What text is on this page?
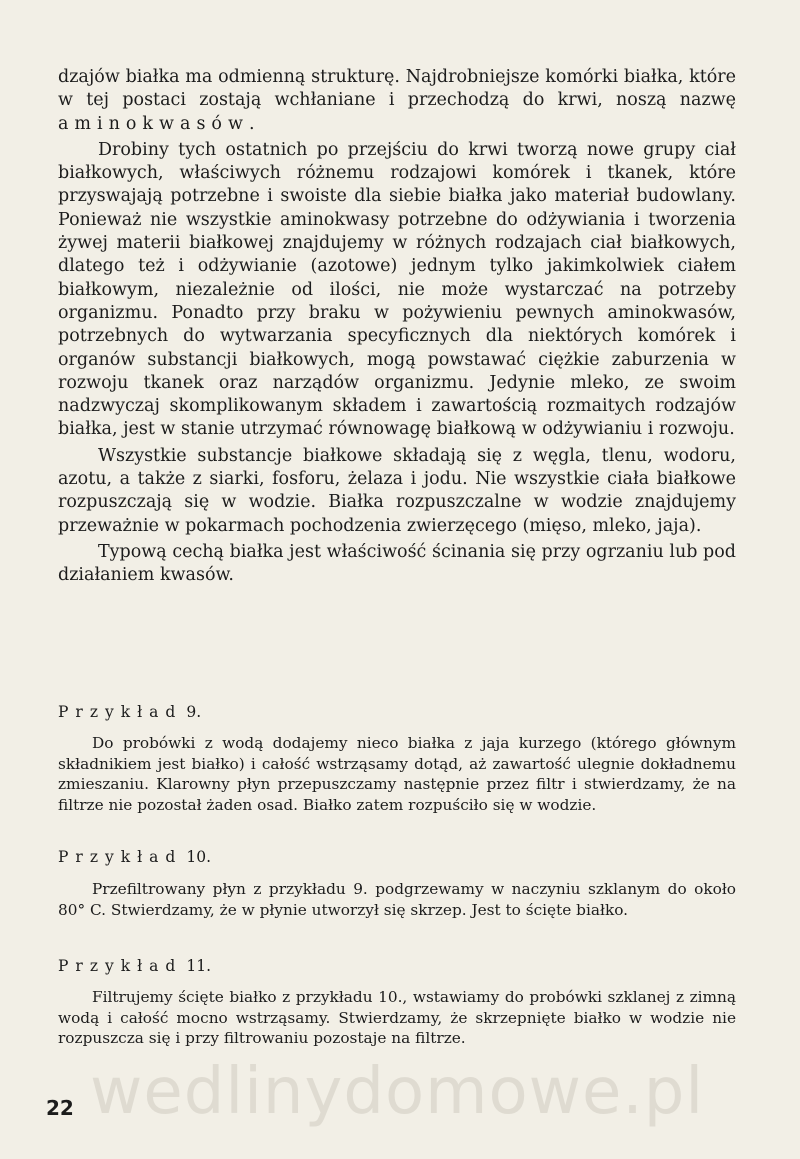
dzajów białka ma odmienną strukturę. Najdrobniejsze komórki białka, które w tej postaci zostają wchłaniane i przechodzą do krwi, noszą nazwę aminokwasów.

Drobiny tych ostatnich po przejściu do krwi tworzą nowe grupy ciał białkowych, właściwych różnemu rodzajowi komórek i tkanek, które przyswajają potrzebne i swoiste dla siebie białka jako materiał budowlany. Ponieważ nie wszystkie aminokwasy potrzebne do odżywiania i tworzenia żywej materii białkowej znajdujemy w różnych rodzajach ciał białkowych, dlatego też i odżywianie (azotowe) jednym tylko jakimkolwiek ciałem białkowym, niezależnie od ilości, nie może wystarczać na potrzeby organizmu. Ponadto przy braku w pożywieniu pewnych aminokwasów, potrzebnych do wytwarzania specyficznych dla niektórych komórek i organów substancji białkowych, mogą powstawać ciężkie zaburzenia w rozwoju tkanek oraz narządów organizmu. Jedynie mleko, ze swoim nadzwyczaj skomplikowanym składem i zawartością rozmaitych rodzajów białka, jest w stanie utrzymać równowagę białkową w odżywianiu i rozwoju.

Wszystkie substancje białkowe składają się z węgla, tlenu, wodoru, azotu, a także z siarki, fosforu, żelaza i jodu. Nie wszystkie ciała białkowe rozpuszczają się w wodzie. Białka rozpuszczalne w wodzie znajdujemy przeważnie w pokarmach pochodzenia zwierzęcego (mięso, mleko, jaja).

Typową cechą białka jest właściwość ścinania się przy ogrzaniu lub pod działaniem kwasów.

Przykład 9.

Do probówki z wodą dodajemy nieco białka z jaja kurzego (którego głównym składnikiem jest białko) i całość wstrząsamy dotąd, aż zawartość ulegnie dokładnemu zmieszaniu. Klarowny płyn przepuszczamy następnie przez filtr i stwierdzamy, że na filtrze nie pozostał żaden osad. Białko zatem rozpuściło się w wodzie.

Przykład 10.

Przefiltrowany płyn z przykładu 9. podgrzewamy w naczyniu szklanym do około 80° C. Stwierdzamy, że w płynie utworzył się skrzep. Jest to ścięte białko.

Przykład 11.

Filtrujemy ścięte białko z przykładu 10., wstawiamy do probówki szklanej z zimną wodą i całość mocno wstrząsamy. Stwierdzamy, że skrzepnięte białko w wodzie nie rozpuszcza się i przy filtrowaniu pozostaje na filtrze.

wedlinydomowe.pl
22
